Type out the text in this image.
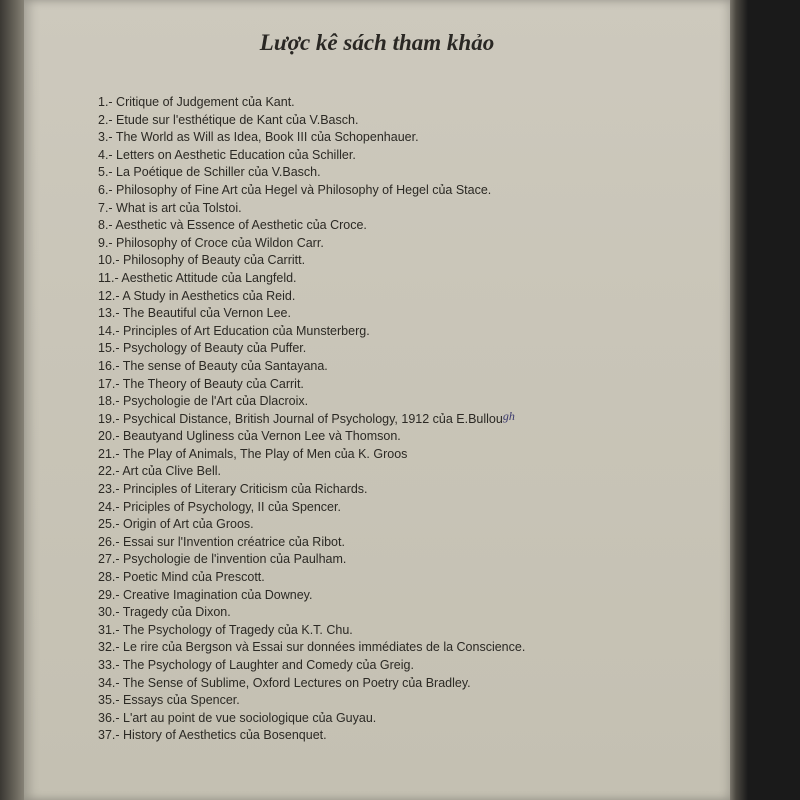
Lược kê sách tham khảo
1.- Critique of Judgement của Kant.
2.- Etude sur l'esthétique de Kant của V.Basch.
3.- The World as Will as Idea, Book III của Schopenhauer.
4.- Letters on Aesthetic Education của Schiller.
5.- La Poétique de Schiller của V.Basch.
6.- Philosophy of Fine Art của Hegel và Philosophy of Hegel của Stace.
7.- What is art của Tolstoi.
8.- Aesthetic và Essence of Aesthetic của Croce.
9.- Philosophy of Croce của Wildon Carr.
10.- Philosophy of Beauty của Carritt.
11.- Aesthetic Attitude của Langfeld.
12.- A Study in Aesthetics của Reid.
13.- The Beautiful của Vernon Lee.
14.- Principles of Art Education của Munsterberg.
15.- Psychology of Beauty của Puffer.
16.- The sense of Beauty của Santayana.
17.- The Theory of Beauty của Carrit.
18.- Psychologie de l'Art của Dlacroix.
19.- Psychical Distance, British Journal of Psychology, 1912 của E.Bullough
20.- Beautyand Ugliness của Vernon Lee và Thomson.
21.- The Play of Animals, The Play of Men của K. Groos
22.- Art của Clive Bell.
23.- Principles of Literary Criticism của Richards.
24.- Priciples of Psychology, II của Spencer.
25.- Origin of Art của Groos.
26.- Essai sur l'Invention créatrice của Ribot.
27.- Psychologie de l'invention của Paulham.
28.- Poetic Mind của Prescott.
29.- Creative Imagination của Downey.
30.- Tragedy của Dixon.
31.- The Psychology of Tragedy của K.T. Chu.
32.- Le rire của Bergson và Essai sur données immédiates de la Conscience.
33.- The Psychology of Laughter and Comedy của Greig.
34.- The Sense of Sublime, Oxford Lectures on Poetry của Bradley.
35.- Essays của Spencer.
36.- L'art au point de vue sociologique của Guyau.
37.- History of Aesthetics của Bosenquet.
